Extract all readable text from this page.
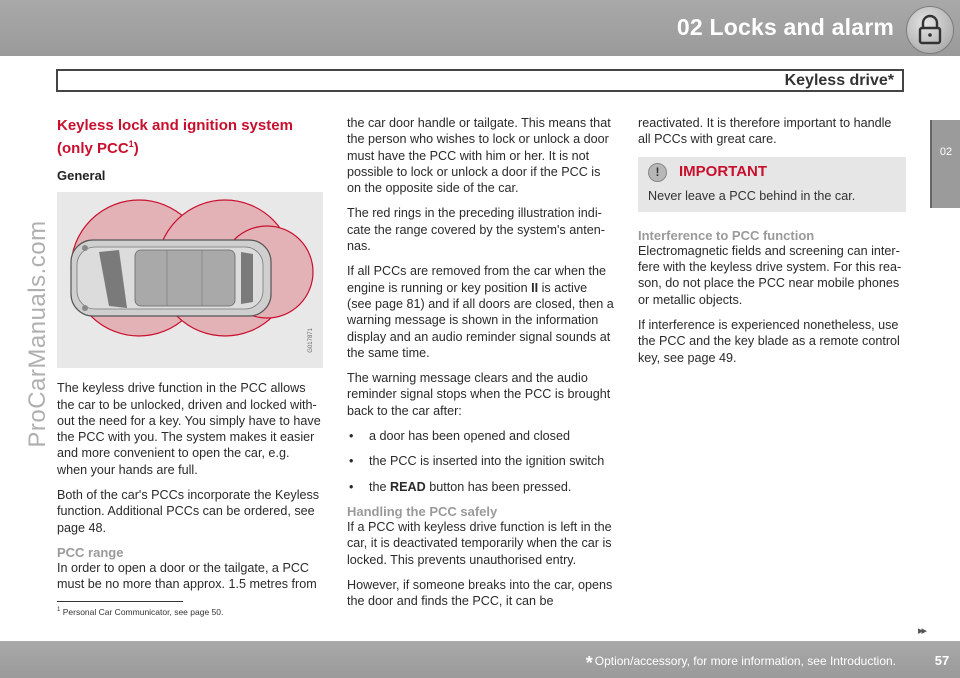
02 Locks and alarm
Keyless drive*
02
ProCarManuals.com
Keyless lock and ignition system (only PCC$^1$)
General
G017871

The keyless drive function in the PCC allows the car to be unlocked, driven and locked with-out the need for a key. You simply have to have the PCC with you. The system makes it easier and more convenient to open the car, e.g. when your hands are full.

Both of the car's PCCs incorporate the Keyless function. Additional PCCs can be ordered, see page 48.

PCC range

In order to open a door or the tailgate, a PCC must be no more than approx. 1.5 metres from

the car door handle or tailgate. This means that the person who wishes to lock or unlock a door must have the PCC with him or her. It is not possible to lock or unlock a door if the PCC is on the opposite side of the car.

The red rings in the preceding illustration indi-cate the range covered by the system's anten-nas.

If all PCCs are removed from the car when the engine is running or key position II is active (see page 81) and if all doors are closed, then a warning message is shown in the information display and an audio reminder signal sounds at the same time.

The warning message clears and the audio reminder signal stops when the PCC is brought back to the car after:

• a door has been opened and closed
• the PCC is inserted into the ignition switch
• the READ button has been pressed.
Handling the PCC safely

If a PCC with keyless drive function is left in the car, it is deactivated temporarily when the car is locked. This prevents unauthorised entry.

However, if someone breaks into the car, opens the door and finds the PCC, it can be

reactivated. It is therefore important to handle all PCCs with great care.

!	IMPORTANT
Never leave a PCC behind in the car.
Interference to PCC function

Electromagnetic fields and screening can inter-fere with the keyless drive system. For this rea-son, do not place the PCC near mobile phones or metallic objects.

If interference is experienced nonetheless, use the PCC and the key blade as a remote control key, see page 49.

$^1$ Personal Car Communicator, see page 50.
▸▸
* Option/accessory, for more information, see Introduction.	57
